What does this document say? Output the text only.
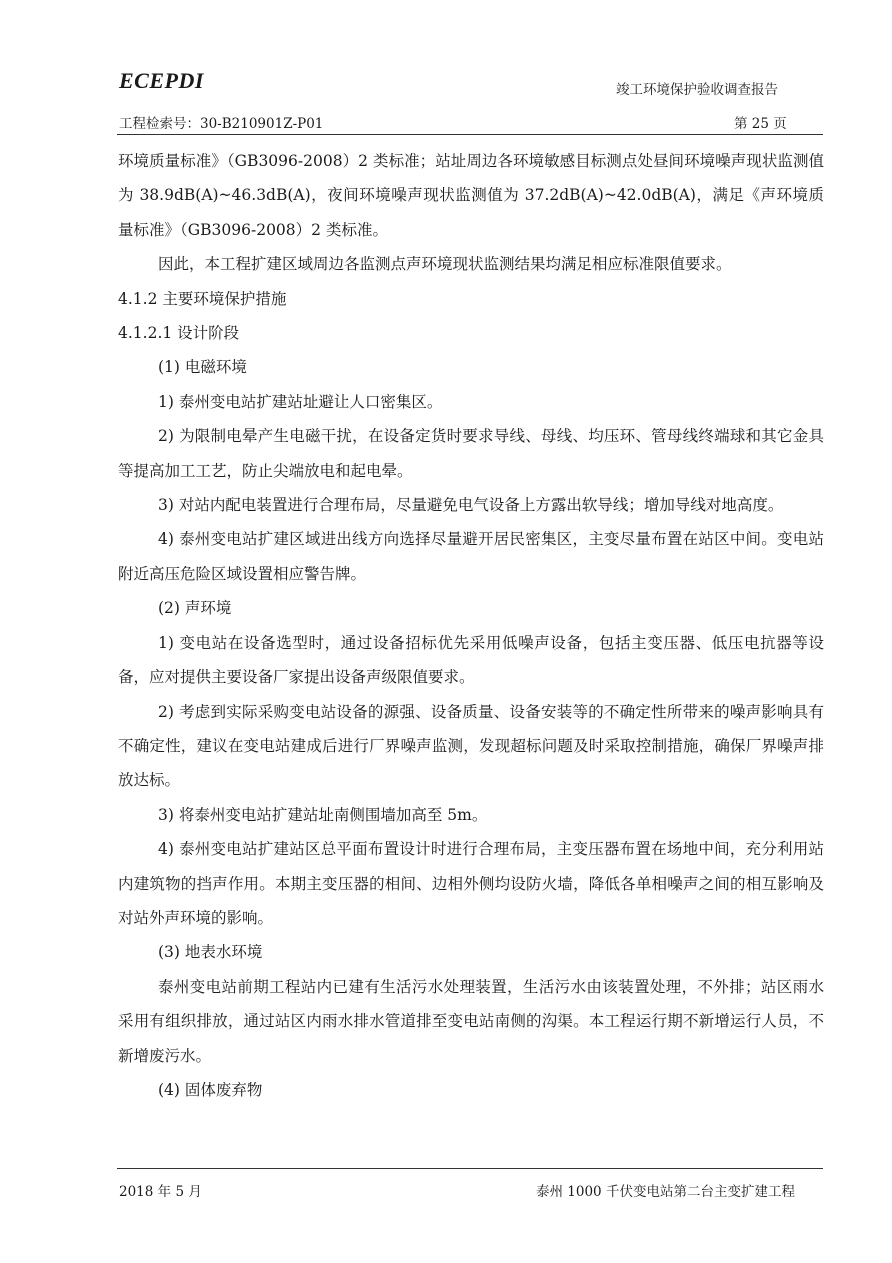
ECEPDI	竣工环境保护验收调查报告
工程检索号：30-B210901Z-P01	第 25 页

环境质量标准》（GB3096-2008）2 类标准；站址周边各环境敏感目标测点处昼间环境噪声现状监测值为 38.9dB(A)~46.3dB(A)，夜间环境噪声现状监测值为 37.2dB(A)~42.0dB(A)，满足《声环境质量标准》（GB3096-2008）2 类标准。

因此，本工程扩建区域周边各监测点声环境现状监测结果均满足相应标准限值要求。

4.1.2 主要环境保护措施

4.1.2.1 设计阶段

(1) 电磁环境

1) 泰州变电站扩建站址避让人口密集区。

2) 为限制电晕产生电磁干扰，在设备定货时要求导线、母线、均压环、管母线终端球和其它金具等提高加工工艺，防止尖端放电和起电晕。

3) 对站内配电装置进行合理布局，尽量避免电气设备上方露出软导线；增加导线对地高度。

4) 泰州变电站扩建区域进出线方向选择尽量避开居民密集区，主变尽量布置在站区中间。变电站附近高压危险区域设置相应警告牌。

(2) 声环境

1) 变电站在设备选型时，通过设备招标优先采用低噪声设备，包括主变压器、低压电抗器等设备，应对提供主要设备厂家提出设备声级限值要求。

2) 考虑到实际采购变电站设备的源强、设备质量、设备安装等的不确定性所带来的噪声影响具有不确定性，建议在变电站建成后进行厂界噪声监测，发现超标问题及时采取控制措施，确保厂界噪声排放达标。

3) 将泰州变电站扩建站址南侧围墙加高至 5m。

4) 泰州变电站扩建站区总平面布置设计时进行合理布局，主变压器布置在场地中间，充分利用站内建筑物的挡声作用。本期主变压器的相间、边相外侧均设防火墙，降低各单相噪声之间的相互影响及对站外声环境的影响。

(3) 地表水环境

泰州变电站前期工程站内已建有生活污水处理装置，生活污水由该装置处理，不外排；站区雨水采用有组织排放，通过站区内雨水排水管道排至变电站南侧的沟渠。本工程运行期不新增运行人员，不新增废污水。

(4) 固体废弃物

2018 年 5 月	泰州 1000 千伏变电站第二台主变扩建工程
